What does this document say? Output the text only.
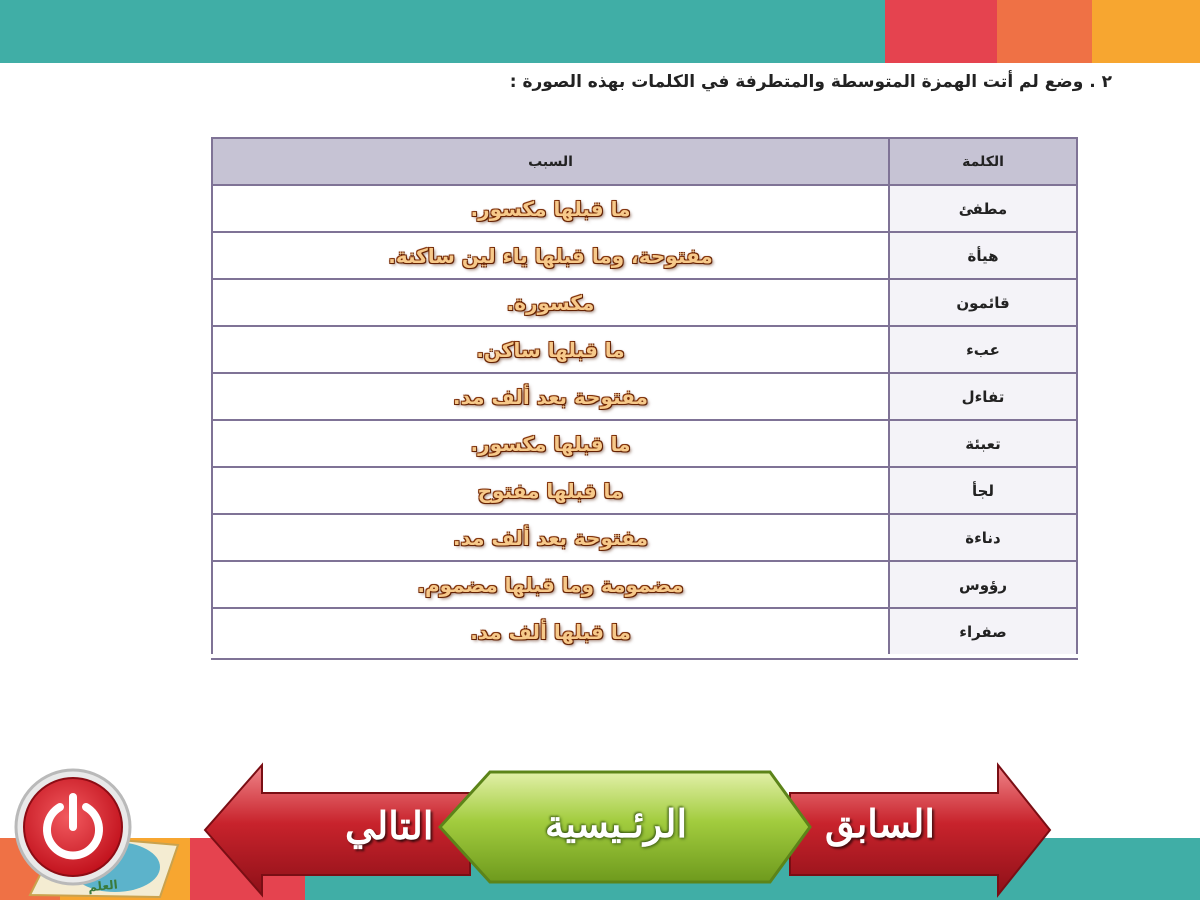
٢ . وضع لم أتت الهمزة المتوسطة والمتطرفة في الكلمات بهذه الصورة :
الكلمة
السبب
مطفئ
ما قبلها مكسور.
هيأة
مفتوحة، وما قبلها ياء لين ساكنة.
قائمون
مكسورة.
عبء
ما قبلها ساكن.
تفاءل
مفتوحة بعد ألف مد.
تعبئة
ما قبلها مكسور.
لجأ
ما قبلها مفتوح
دناءة
مفتوحة بعد ألف مد.
رؤوس
مضمومة وما قبلها مضموم.
صفراء
ما قبلها ألف مد.
التالي	الرئـيسية	السابق
العلم
